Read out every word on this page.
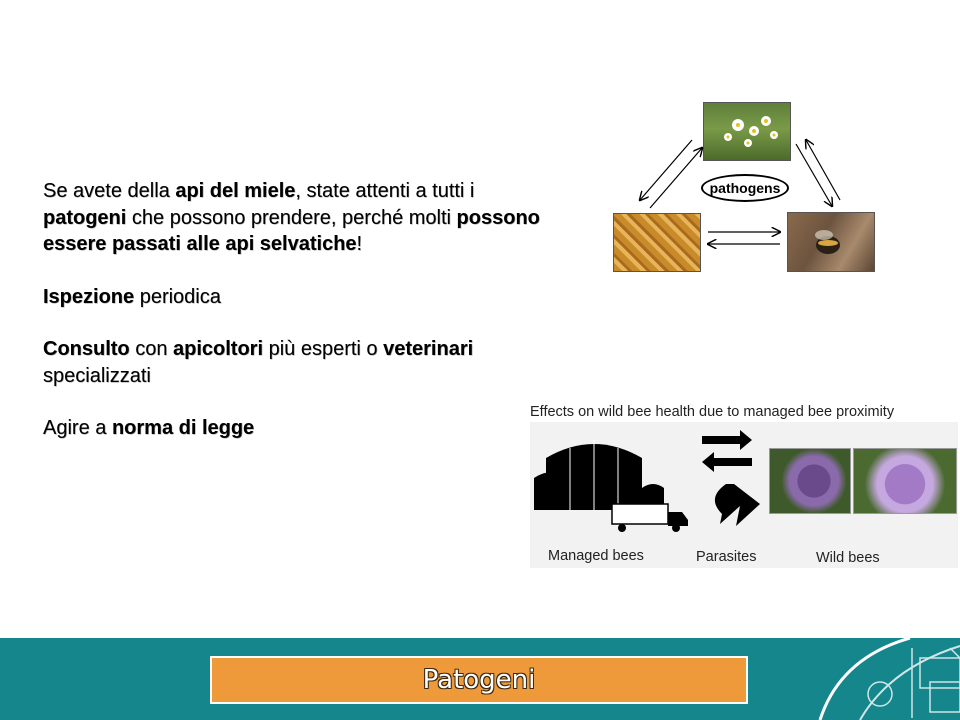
Se avete della api del miele, state attenti a tutti i patogeni che possono prendere, perché molti possono essere passati alle api selvatiche!

Ispezione periodica

Consulto con apicoltori più esperti o veterinari specializzati

Agire a norma di legge

pathogens
Effects on wild bee health due to managed bee proximity
Managed bees	Parasites	Wild bees
Patogeni
